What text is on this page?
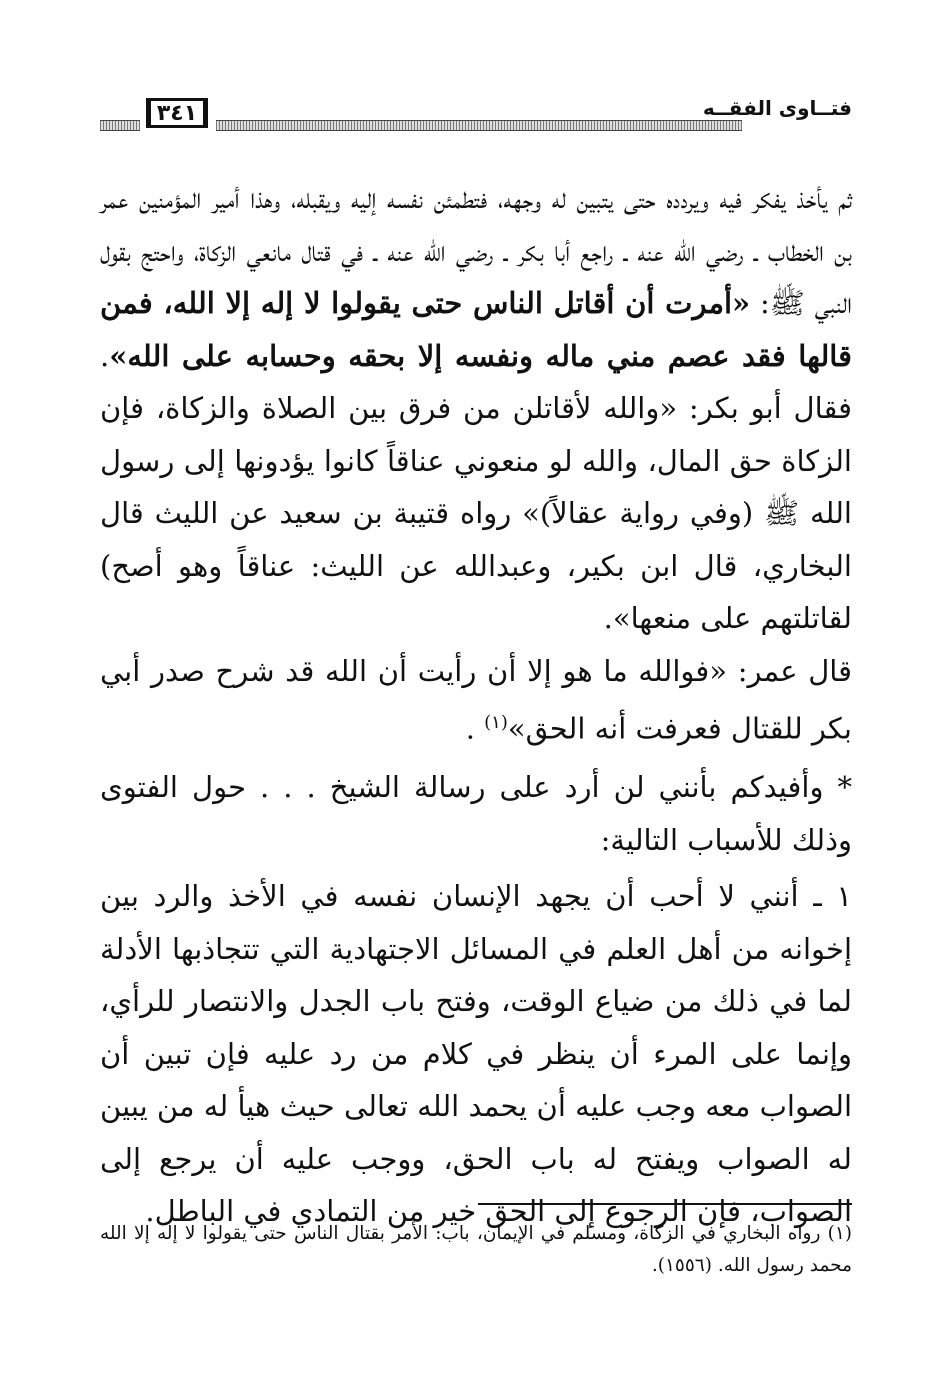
فتــاوى الفقــه
٣٤١

ثم يأخذ يفكر فيه ويردده حتى يتبين له وجهه، فتطمئن نفسه إليه ويقبله، وهذا أمير المؤمنين عمر بن الخطاب ـ رضي الله عنه ـ راجع أبا بكر ـ رضي الله عنه ـ في قتال مانعي الزكاة، واحتج بقول النبي ﷺ: «أمرت أن أقاتل الناس حتى يقولوا لا إله إلا الله، فمن قالها فقد عصم مني ماله ونفسه إلا بحقه وحسابه على الله». فقال أبو بكر: «والله لأقاتلن من فرق بين الصلاة والزكاة، فإن الزكاة حق المال، والله لو منعوني عناقاً كانوا يؤدونها إلى رسول الله ﷺ (وفي رواية عقالاً)» رواه قتيبة بن سعيد عن الليث قال البخاري، قال ابن بكير، وعبدالله عن الليث: عناقاً وهو أصح) لقاتلتهم على منعها».

قال عمر: «فوالله ما هو إلا أن رأيت أن الله قد شرح صدر أبي بكر للقتال فعرفت أنه الحق»$^{(١)}$ .

* وأفيدكم بأنني لن أرد على رسالة الشيخ . . . حول الفتوى وذلك للأسباب التالية:

١ ـ أنني لا أحب أن يجهد الإنسان نفسه في الأخذ والرد بين إخوانه من أهل العلم في المسائل الاجتهادية التي تتجاذبها الأدلة لما في ذلك من ضياع الوقت، وفتح باب الجدل والانتصار للرأي، وإنما على المرء أن ينظر في كلام من رد عليه فإن تبين أن الصواب معه وجب عليه أن يحمد الله تعالى حيث هيأ له من يبين له الصواب ويفتح له باب الحق، ووجب عليه أن يرجع إلى الصواب، فإن الرجوع إلى الحق خير من التمادي في الباطل.

(١) رواه البخاري في الزكاة، ومسلم في الإيمان، باب: الأمر بقتال الناس حتى يقولوا لا إله إلا الله محمد رسول الله. (١٥٥٦).
